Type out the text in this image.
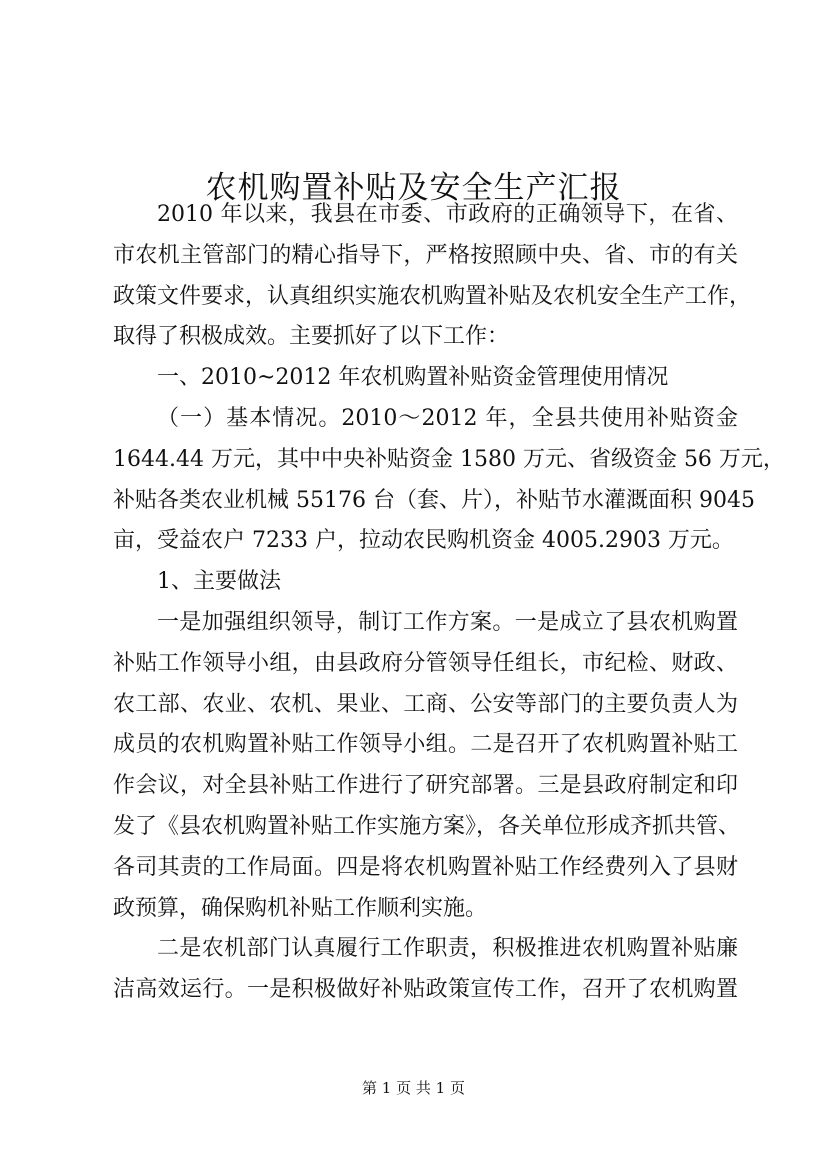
农机购置补贴及安全生产汇报
2010 年以来，我县在市委、市政府的正确领导下，在省、
市农机主管部门的精心指导下，严格按照顾中央、省、市的有关
政策文件要求，认真组织实施农机购置补贴及农机安全生产工作，
取得了积极成效。主要抓好了以下工作：
一、2010~2012 年农机购置补贴资金管理使用情况
（一）基本情况。2010～2012 年，全县共使用补贴资金
1644.44 万元，其中中央补贴资金 1580 万元、省级资金 56 万元，
补贴各类农业机械 55176 台（套、片），补贴节水灌溉面积 9045
亩，受益农户 7233 户，拉动农民购机资金 4005.2903 万元。
1、主要做法
一是加强组织领导，制订工作方案。一是成立了县农机购置
补贴工作领导小组，由县政府分管领导任组长，市纪检、财政、
农工部、农业、农机、果业、工商、公安等部门的主要负责人为
成员的农机购置补贴工作领导小组。二是召开了农机购置补贴工
作会议，对全县补贴工作进行了研究部署。三是县政府制定和印
发了《县农机购置补贴工作实施方案》，各关单位形成齐抓共管、
各司其责的工作局面。四是将农机购置补贴工作经费列入了县财
政预算，确保购机补贴工作顺利实施。
二是农机部门认真履行工作职责，积极推进农机购置补贴廉
洁高效运行。一是积极做好补贴政策宣传工作，召开了农机购置
第 1 页 共 1 页
